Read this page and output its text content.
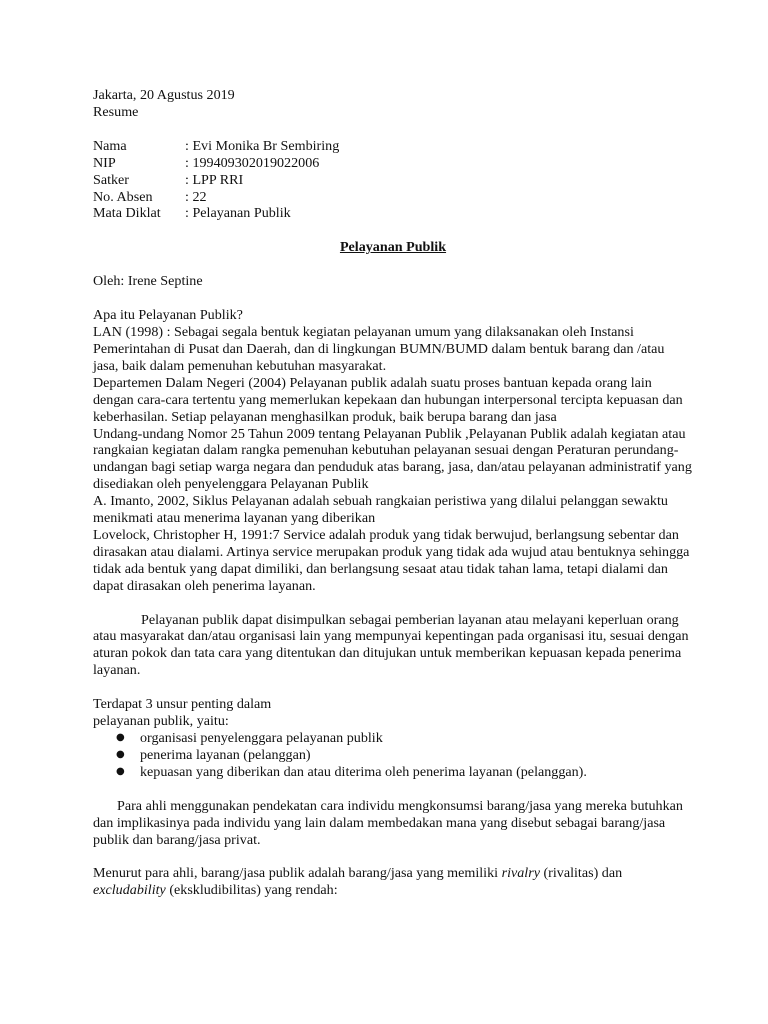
Jakarta, 20 Agustus 2019

Resume

Nama	: Evi Monika Br Sembiring
NIP	: 199409302019022006
Satker	: LPP RRI
No. Absen	: 22
Mata Diklat	: Pelayanan Publik

Pelayanan Publik

Oleh: Irene Septine

Apa itu Pelayanan Publik?

LAN (1998) : Sebagai segala bentuk kegiatan pelayanan umum yang dilaksanakan oleh Instansi Pemerintahan di Pusat dan Daerah, dan di lingkungan BUMN/BUMD dalam bentuk barang dan /atau jasa, baik dalam pemenuhan kebutuhan masyarakat.

Departemen Dalam Negeri (2004) Pelayanan publik adalah suatu proses bantuan kepada orang lain dengan cara-cara tertentu yang memerlukan kepekaan dan hubungan interpersonal tercipta kepuasan dan keberhasilan. Setiap pelayanan menghasilkan produk, baik berupa barang dan jasa

Undang-undang Nomor 25 Tahun 2009 tentang Pelayanan Publik ,Pelayanan Publik adalah kegiatan atau rangkaian kegiatan dalam rangka pemenuhan kebutuhan pelayanan sesuai dengan Peraturan perundang-undangan bagi setiap warga negara dan penduduk atas barang, jasa, dan/atau pelayanan administratif yang disediakan oleh penyelenggara Pelayanan Publik

A. Imanto, 2002, Siklus Pelayanan adalah sebuah rangkaian peristiwa yang dilalui pelanggan sewaktu menikmati atau menerima layanan yang diberikan

Lovelock, Christopher H, 1991:7 Service adalah produk yang tidak berwujud, berlangsung sebentar dan dirasakan atau dialami. Artinya service merupakan produk yang tidak ada wujud atau bentuknya sehingga tidak ada bentuk yang dapat dimiliki, dan berlangsung sesaat atau tidak tahan lama, tetapi dialami dan dapat dirasakan oleh penerima layanan.

Pelayanan publik dapat disimpulkan sebagai pemberian layanan atau melayani keperluan orang atau masyarakat dan/atau organisasi lain yang mempunyai kepentingan pada organisasi itu, sesuai dengan aturan pokok dan tata cara yang ditentukan dan ditujukan untuk memberikan kepuasan kepada penerima layanan.

Terdapat 3 unsur penting dalam

pelayanan publik, yaitu:

● organisasi penyelenggara pelayanan publik
● penerima layanan (pelanggan)
● kepuasan yang diberikan dan atau diterima oleh penerima layanan (pelanggan).

Para ahli menggunakan pendekatan cara individu mengkonsumsi barang/jasa yang mereka butuhkan dan implikasinya pada individu yang lain dalam membedakan mana yang disebut sebagai barang/jasa publik dan barang/jasa privat.

Menurut para ahli, barang/jasa publik adalah barang/jasa yang memiliki rivalry (rivalitas) dan excludability (ekskludibilitas) yang rendah:
